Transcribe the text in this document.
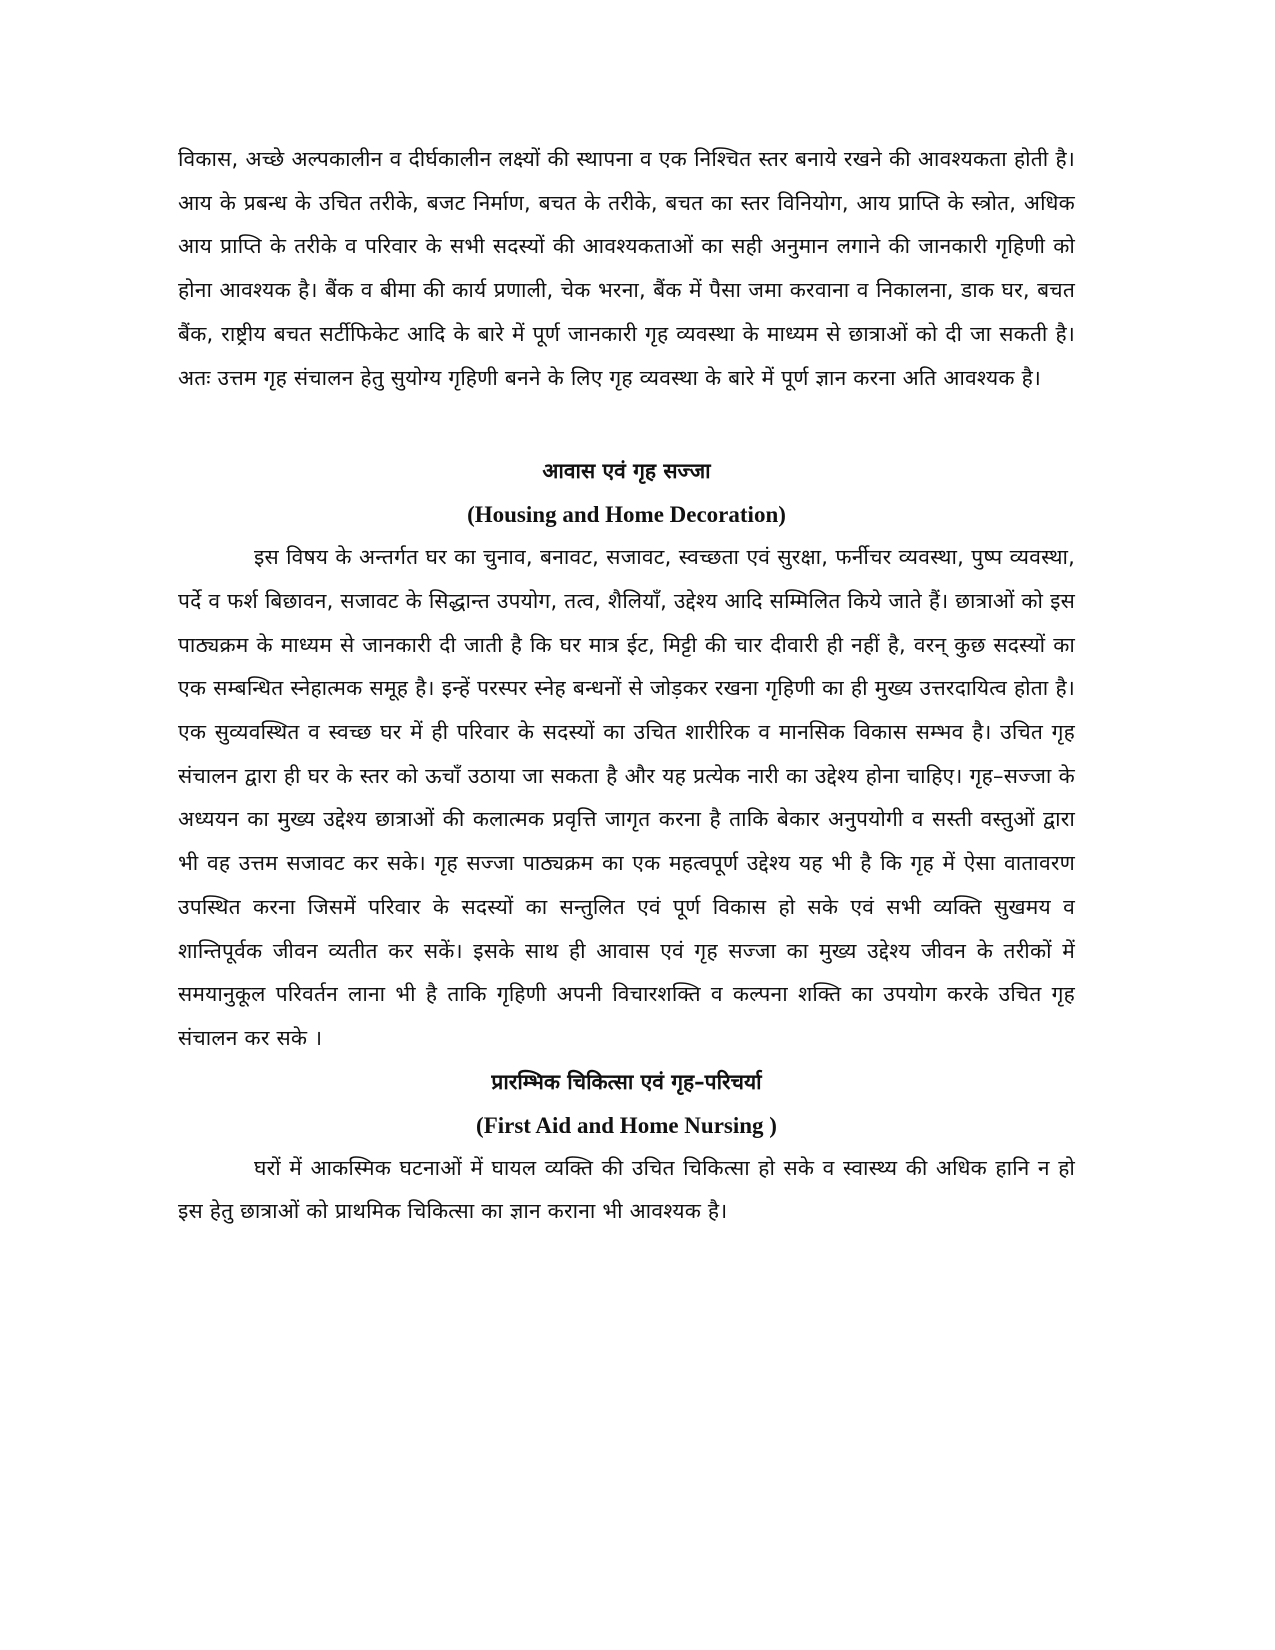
विकास, अच्छे अल्पकालीन व दीर्घकालीन लक्ष्यों की स्थापना व एक निश्चित स्तर बनाये रखने की आवश्यकता होती है। आय के प्रबन्ध के उचित तरीके, बजट निर्माण, बचत के तरीके, बचत का स्तर विनियोग, आय प्राप्ति के स्त्रोत, अधिक आय प्राप्ति के तरीके व परिवार के सभी सदस्यों की आवश्यकताओं का सही अनुमान लगाने की जानकारी गृहिणी को होना आवश्यक है। बैंक व बीमा की कार्य प्रणाली, चेक भरना, बैंक में पैसा जमा करवाना व निकालना, डाक घर, बचत बैंक, राष्ट्रीय बचत सर्टीफिकेट आदि के बारे में पूर्ण जानकारी गृह व्यवस्था के माध्यम से छात्राओं को दी जा सकती है। अतः उत्तम गृह संचालन हेतु सुयोग्य गृहिणी बनने के लिए गृह व्यवस्था के बारे में पूर्ण ज्ञान करना अति आवश्यक है।

आवास एवं गृह सज्जा
(Housing and Home Decoration)

इस विषय के अन्तर्गत घर का चुनाव, बनावट, सजावट, स्वच्छता एवं सुरक्षा, फर्नीचर व्यवस्था, पुष्प व्यवस्था, पर्दे व फर्श बिछावन, सजावट के सिद्धान्त उपयोग, तत्व, शैलियाँ, उद्देश्य आदि सम्मिलित किये जाते हैं। छात्राओं को इस पाठ्यक्रम के माध्यम से जानकारी दी जाती है कि घर मात्र ईट, मिट्टी की चार दीवारी ही नहीं है, वरन् कुछ सदस्यों का एक सम्बन्धित स्नेहात्मक समूह है। इन्हें परस्पर स्नेह बन्धनों से जोड़कर रखना गृहिणी का ही मुख्य उत्तरदायित्व होता है। एक सुव्यवस्थित व स्वच्छ घर में ही परिवार के सदस्यों का उचित शारीरिक व मानसिक विकास सम्भव है। उचित गृह संचालन द्वारा ही घर के स्तर को ऊचाँ उठाया जा सकता है और यह प्रत्येक नारी का उद्देश्य होना चाहिए। गृह–सज्जा के अध्ययन का मुख्य उद्देश्य छात्राओं की कलात्मक प्रवृत्ति जागृत करना है ताकि बेकार अनुपयोगी व सस्ती वस्तुओं द्वारा भी वह उत्तम सजावट कर सके। गृह सज्जा पाठ्यक्रम का एक महत्वपूर्ण उद्देश्य यह भी है कि गृह में ऐसा वातावरण उपस्थित करना जिसमें परिवार के सदस्यों का सन्तुलित एवं पूर्ण विकास हो सके एवं सभी व्यक्ति सुखमय व शान्तिपूर्वक जीवन व्यतीत कर सकें। इसके साथ ही आवास एवं गृह सज्जा का मुख्य उद्देश्य जीवन के तरीकों में समयानुकूल परिवर्तन लाना भी है ताकि गृहिणी अपनी विचारशक्ति व कल्पना शक्ति का उपयोग करके उचित गृह संचालन कर सके ।

प्रारम्भिक चिकित्सा एवं गृह–परिचर्या
(First Aid and Home Nursing )

घरों में आकस्मिक घटनाओं में घायल व्यक्ति की उचित चिकित्सा हो सके व स्वास्थ्य की अधिक हानि न हो इस हेतु छात्राओं को प्राथमिक चिकित्सा का ज्ञान कराना भी आवश्यक है।
